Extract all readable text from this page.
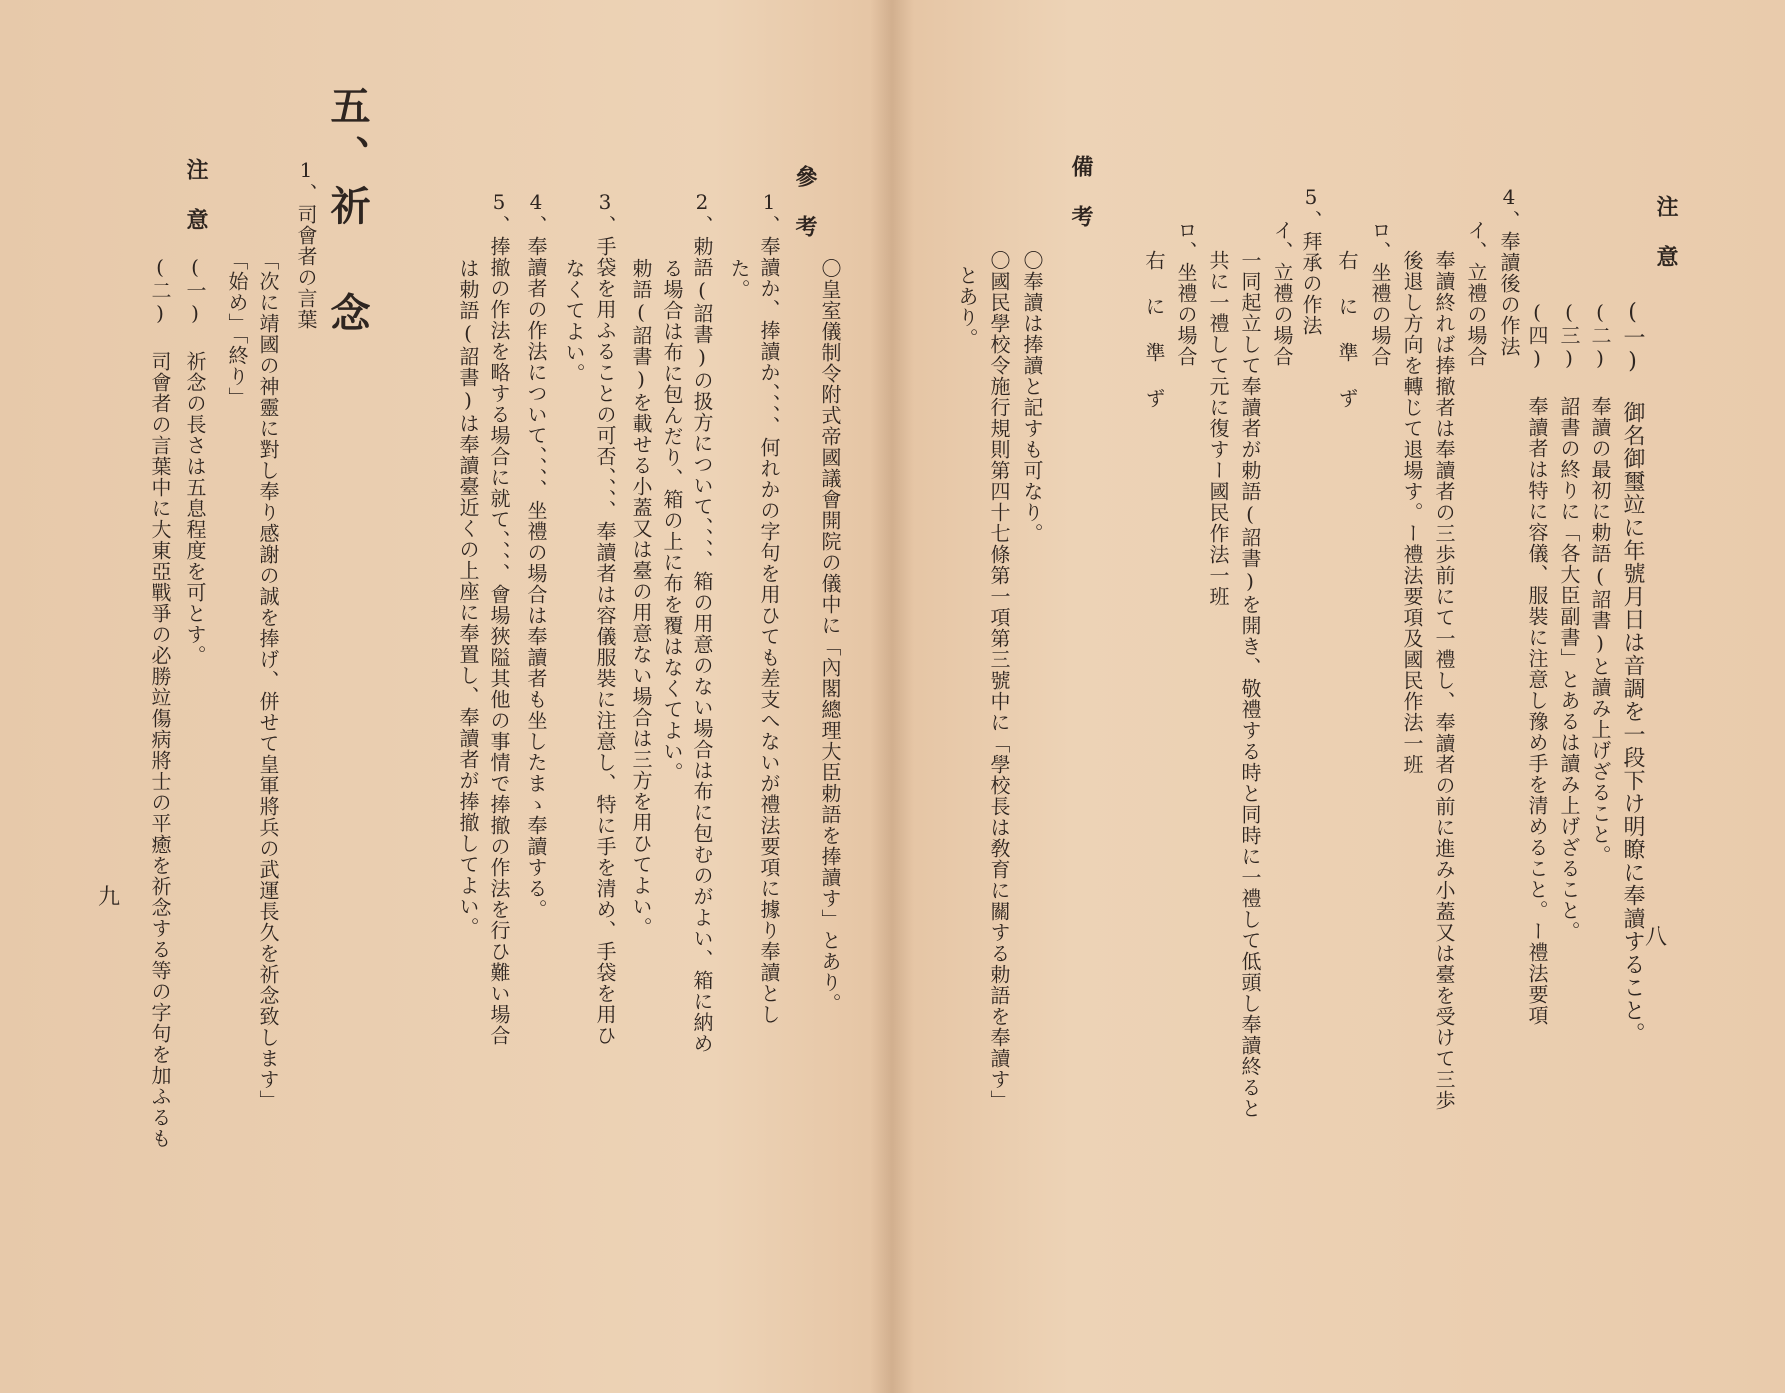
注 意
(一) 御名御璽竝に年號月日は音調を一段下け明瞭に奉讀すること。
(二) 奉讀の最初に勅語(詔書)と讀み上げざること。
(三) 詔書の終りに「各大臣副書」とあるは讀み上げざること。
(四) 奉讀者は特に容儀、服裝に注意し豫め手を清めること。ー禮法要項
4、奉讀後の作法
イ、立禮の場合
奉讀終れば捧撤者は奉讀者の三歩前にて一禮し、奉讀者の前に進み小蓋又は臺を受けて三歩
後退し方向を轉じて退場す。ー禮法要項及國民作法一班
ロ、坐禮の場合
右 に 準 ず
5、拜承の作法
イ、立禮の場合
一同起立して奉讀者が勅語(詔書)を開き、敬禮する時と同時に一禮して低頭し奉讀終ると
共に一禮して元に復すー國民作法一班
ロ、坐禮の場合
右 に 準 ず
備 考
〇奉讀は捧讀と記すも可なり。
〇國民學校令施行規則第四十七條第一項第三號中に「學校長は敎育に關する勅語を奉讀す」
とあり。
八
〇皇室儀制令附式帝國議會開院の儀中に「內閣總理大臣勅語を捧讀す」とあり。
參 考
1、奉讀か、捧讀か、、、、何れかの字句を用ひても差支へないが禮法要項に據り奉讀とし
た。
2、勅語(詔書)の扱方について、、、、箱の用意のない場合は布に包むのがよい、箱に納め
る場合は布に包んだり、箱の上に布を覆はなくてよい。
勅語(詔書)を載せる小蓋又は臺の用意ない場合は三方を用ひてよい。
3、手袋を用ふることの可否、、、、奉讀者は容儀服裝に注意し、特に手を清め、手袋を用ひ
なくてよい。
4、奉讀者の作法について、、、、坐禮の場合は奉讀者も坐したまゝ奉讀する。
5、捧撤の作法を略する場合に就て、、、、會場狹隘其他の事情で捧撤の作法を行ひ難い場合
は勅語(詔書)は奉讀臺近くの上座に奉置し、奉讀者が捧撤してよい。
五、祈 念
1、司會者の言葉
「次に靖國の神靈に對し奉り感謝の誠を捧げ、併せて皇軍將兵の武運長久を祈念致します」
「始め」「終り」
注 意
(一) 祈念の長さは五息程度を可とす。
(二) 司會者の言葉中に大東亞戰爭の必勝竝傷病將士の平癒を祈念する等の字句を加ふるも
九
